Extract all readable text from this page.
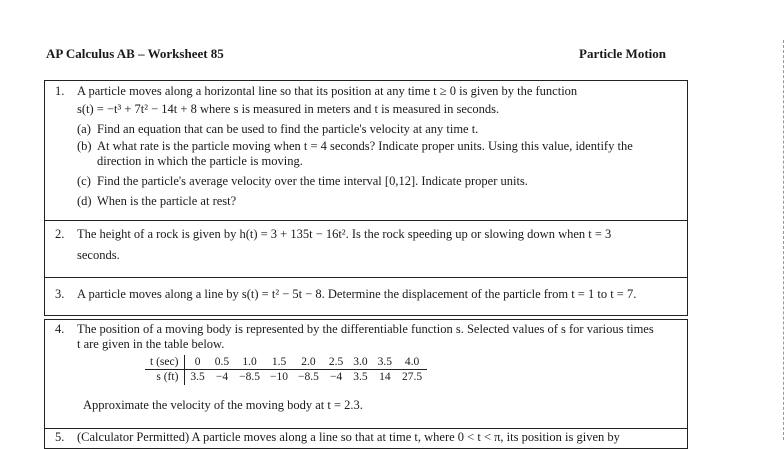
AP Calculus AB – Worksheet 85	Particle Motion
1. A particle moves along a horizontal line so that its position at any time t ≥ 0 is given by the function
s(t) = −t³ + 7t² − 14t + 8 where s is measured in meters and t is measured in seconds.
(a) Find an equation that can be used to find the particle's velocity at any time t.
(b) At what rate is the particle moving when t = 4 seconds? Indicate proper units. Using this value, identify the
direction in which the particle is moving.
(c) Find the particle's average velocity over the time interval [0,12]. Indicate proper units.
(d) When is the particle at rest?
2. The height of a rock is given by h(t) = 3 + 135t − 16t². Is the rock speeding up or slowing down when t = 3
seconds.
3. A particle moves along a line by s(t) = t² − 5t − 8. Determine the displacement of the particle from t = 1 to t = 7.
4. The position of a moving body is represented by the differentiable function s. Selected values of s for various times
t are given in the table below.
t (sec)	0	0.5	1.0	1.5	2.0	2.5	3.0	3.5	4.0
s (ft)	3.5	−4	−8.5	−10	−8.5	−4	3.5	14	27.5
Approximate the velocity of the moving body at t = 2.3.
5. (Calculator Permitted) A particle moves along a line so that at time t, where 0 < t < π, its position is given by
